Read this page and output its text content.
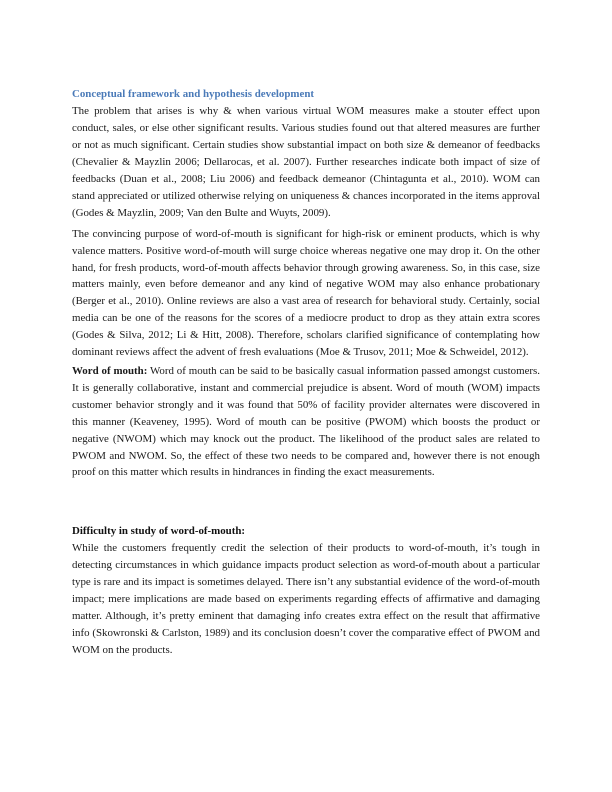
Conceptual framework and hypothesis development

The problem that arises is why & when various virtual WOM measures make a stouter effect upon conduct, sales, or else other significant results. Various studies found out that altered measures are further or not as much significant. Certain studies show substantial impact on both size & demeanor of feedbacks (Chevalier & Mayzlin 2006; Dellarocas, et al. 2007). Further researches indicate both impact of size of feedbacks (Duan et al., 2008; Liu 2006) and feedback demeanor (Chintagunta et al., 2010). WOM can stand appreciated or utilized otherwise relying on uniqueness & chances incorporated in the items approval (Godes & Mayzlin, 2009; Van den Bulte and Wuyts, 2009).

The convincing purpose of word-of-mouth is significant for high-risk or eminent products, which is why valence matters. Positive word-of-mouth will surge choice whereas negative one may drop it. On the other hand, for fresh products, word-of-mouth affects behavior through growing awareness. So, in this case, size matters mainly, even before demeanor and any kind of negative WOM may also enhance probationary (Berger et al., 2010). Online reviews are also a vast area of research for behavioral study. Certainly, social media can be one of the reasons for the scores of a mediocre product to drop as they attain extra scores (Godes & Silva, 2012; Li & Hitt, 2008). Therefore, scholars clarified significance of contemplating how dominant reviews affect the advent of fresh evaluations (Moe & Trusov, 2011; Moe & Schweidel, 2012).

Word of mouth: Word of mouth can be said to be basically casual information passed amongst customers. It is generally collaborative, instant and commercial prejudice is absent. Word of mouth (WOM) impacts customer behavior strongly and it was found that 50% of facility provider alternates were discovered in this manner (Keaveney, 1995). Word of mouth can be positive (PWOM) which boosts the product or negative (NWOM) which may knock out the product. The likelihood of the product sales are related to PWOM and NWOM. So, the effect of these two needs to be compared and, however there is not enough proof on this matter which results in hindrances in finding the exact measurements.

Difficulty in study of word-of-mouth:

While the customers frequently credit the selection of their products to word-of-mouth, it’s tough in detecting circumstances in which guidance impacts product selection as word-of-mouth about a particular type is rare and its impact is sometimes delayed. There isn’t any substantial evidence of the word-of-mouth impact; mere implications are made based on experiments regarding effects of affirmative and damaging matter. Although, it’s pretty eminent that damaging info creates extra effect on the result that affirmative info (Skowronski & Carlston, 1989) and its conclusion doesn’t cover the comparative effect of PWOM and WOM on the products.
